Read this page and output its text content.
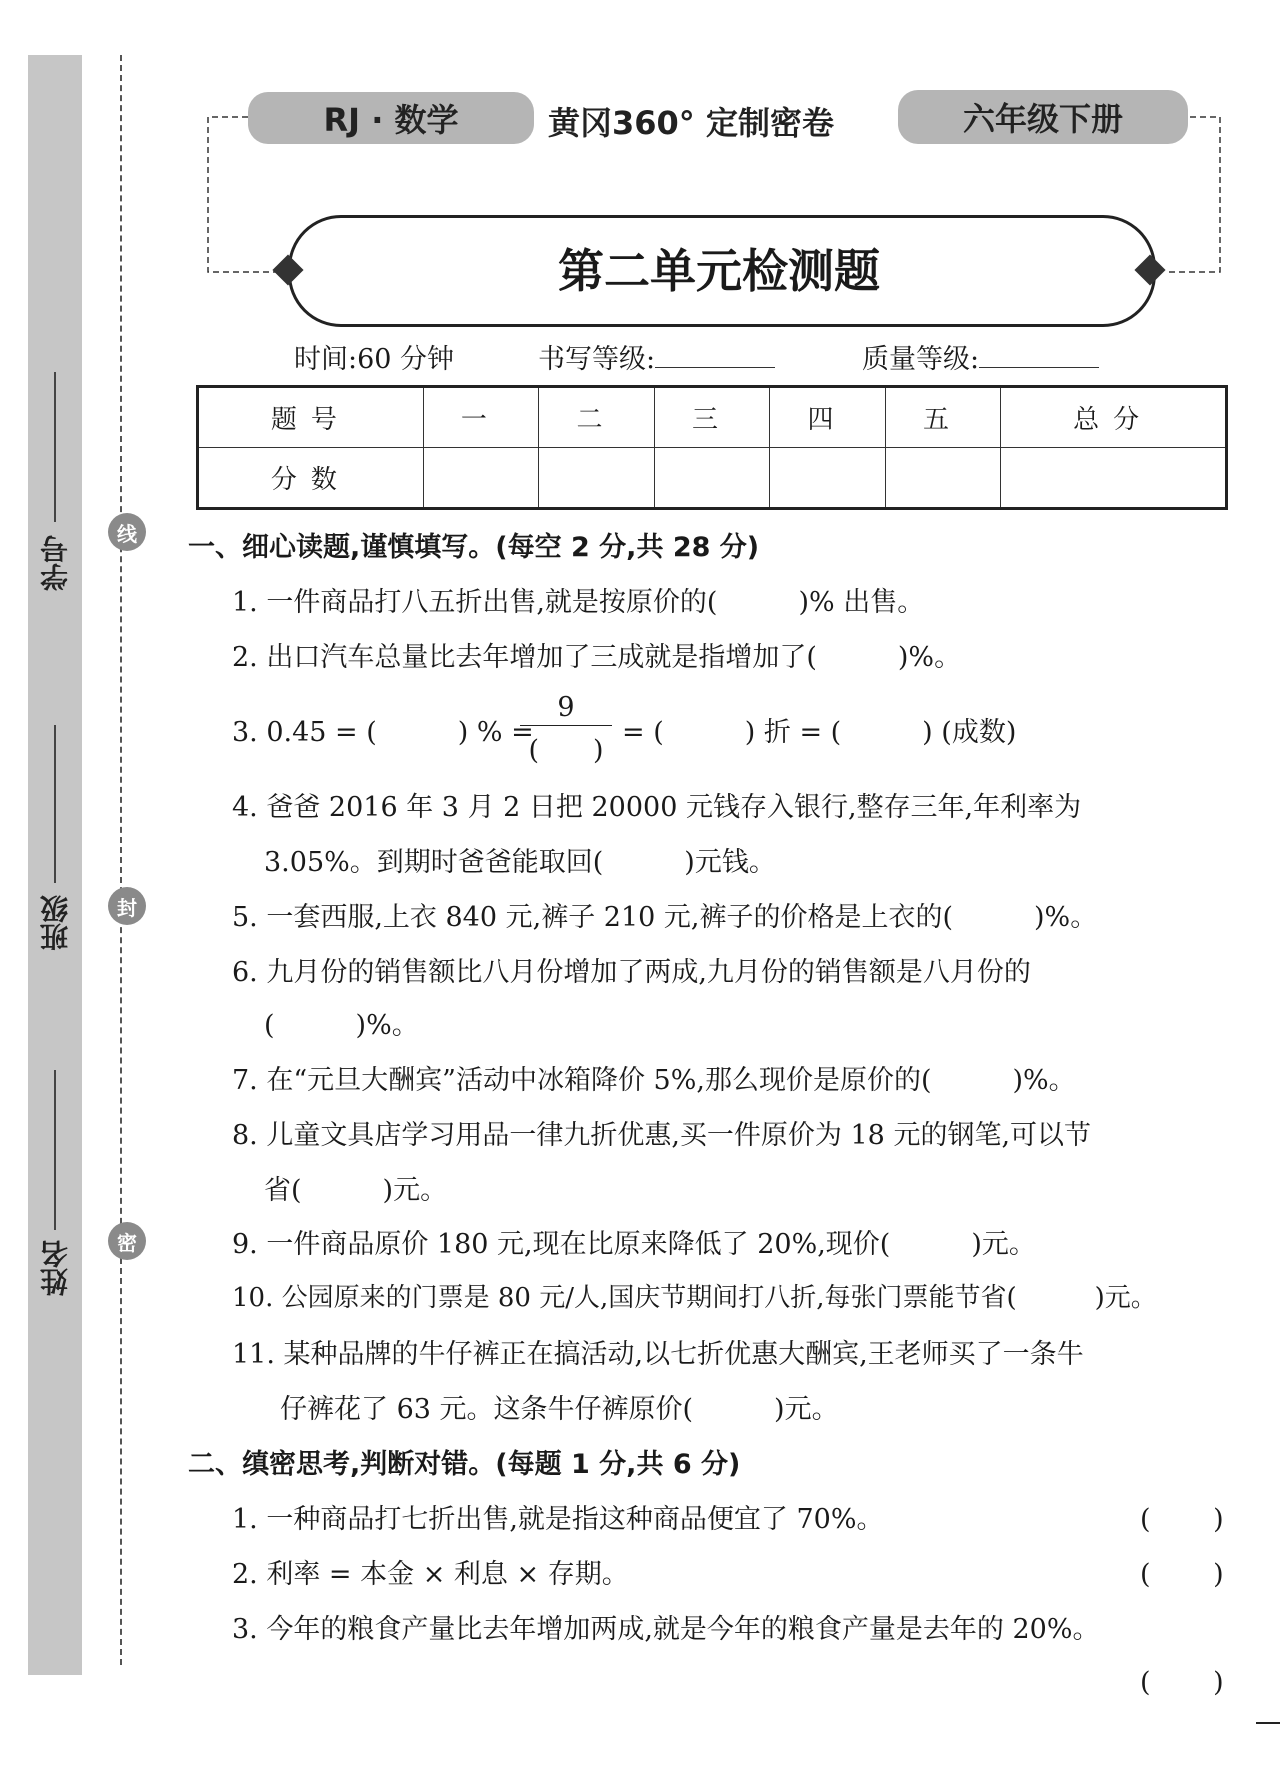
学号
班级
姓名
线
封
密
RJ · 数学	黄冈360° 定制密卷	六年级下册
第二单元检测题
时间:60 分钟	书写等级:	质量等级:
题号	一	二	三	四	五	总分
分数						
一、细心读题,谨慎填写。(每空 2 分,共 28 分)
1. 一件商品打八五折出售,就是按原价的(　　　)% 出售。
2. 出口汽车总量比去年增加了三成就是指增加了(　　　)%。
3. 0.45 = (　　　) % =
9
(　　)
= (　　　) 折 = (　　　) (成数)
4. 爸爸 2016 年 3 月 2 日把 20000 元钱存入银行,整存三年,年利率为
3.05%。到期时爸爸能取回(　　　)元钱。
5. 一套西服,上衣 840 元,裤子 210 元,裤子的价格是上衣的(　　　)%。
6. 九月份的销售额比八月份增加了两成,九月份的销售额是八月份的
(　　　)%。
7. 在“元旦大酬宾”活动中冰箱降价 5%,那么现价是原价的(　　　)%。
8. 儿童文具店学习用品一律九折优惠,买一件原价为 18 元的钢笔,可以节
省(　　　)元。
9. 一件商品原价 180 元,现在比原来降低了 20%,现价(　　　)元。
10. 公园原来的门票是 80 元/人,国庆节期间打八折,每张门票能节省(　　　)元。
11. 某种品牌的牛仔裤正在搞活动,以七折优惠大酬宾,王老师买了一条牛
仔裤花了 63 元。这条牛仔裤原价(　　　)元。
二、缜密思考,判断对错。(每题 1 分,共 6 分)
1. 一种商品打七折出售,就是指这种商品便宜了 70%。	(　　 )
2. 利率 = 本金 × 利息 × 存期。	(　　 )
3. 今年的粮食产量比去年增加两成,就是今年的粮食产量是去年的 20%。
(　　 )
